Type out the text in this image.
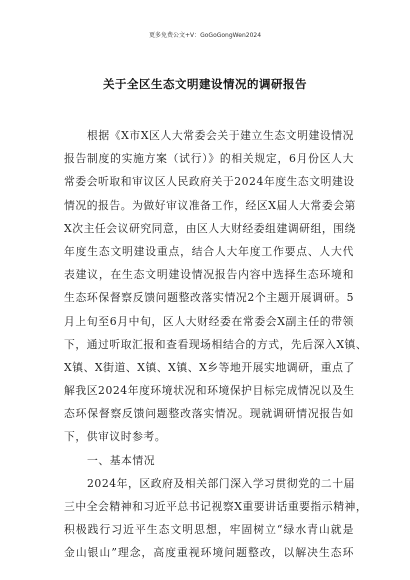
更多免费公文+V：GoGoGongWen2024
关于全区生态文明建设情况的调研报告
根据《X市X区人大常委会关于建立生态文明建设情况
报告制度的实施方案（试行）》的相关规定，6月份区人大
常委会听取和审议区人民政府关于2024年度生态文明建设
情况的报告。为做好审议准备工作，经区X届人大常委会第
X次主任会议研究同意，由区人大财经委组建调研组，围绕
年度生态文明建设重点，结合人大年度工作要点、人大代
表建议，在生态文明建设情况报告内容中选择生态环境和
生态环保督察反馈问题整改落实情况2个主题开展调研。5
月上旬至6月中旬，区人大财经委在常委会X副主任的带领
下，通过听取汇报和查看现场相结合的方式，先后深入X镇、
X镇、X街道、X镇、X镇、X乡等地开展实地调研，重点了
解我区2024年度环境状况和环境保护目标完成情况以及生
态环保督察反馈问题整改落实情况。现就调研情况报告如
下，供审议时参考。
一、基本情况
2024年，区政府及相关部门深入学习贯彻党的二十届
三中全会精神和习近平总书记视察X重要讲话重要指示精神，
积极践行习近平生态文明思想，牢固树立“绿水青山就是
金山银山”理念，高度重视环境问题整改，以解决生态环
